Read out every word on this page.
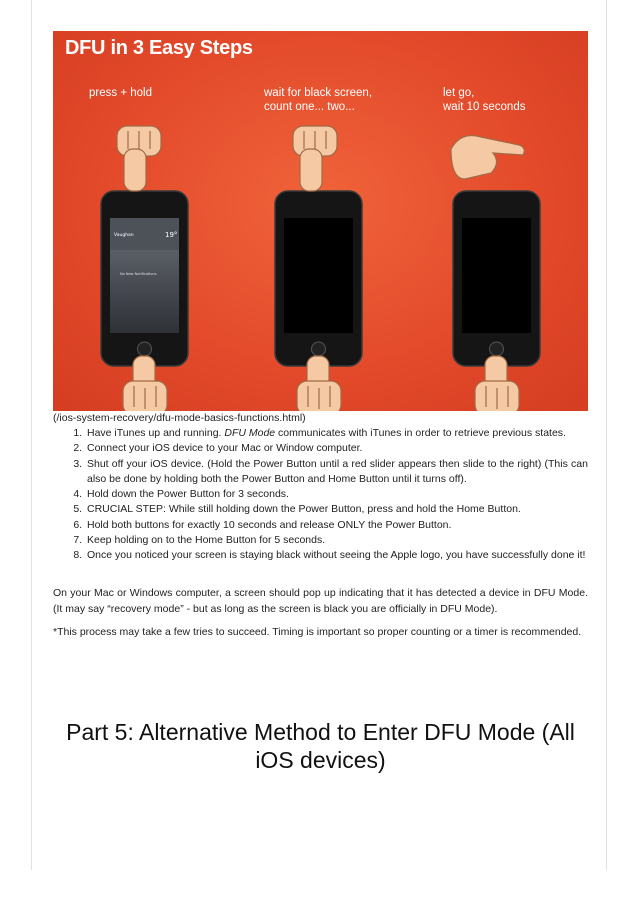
Vaughan	19°
No New Notifications
DFU in 3 Easy Steps
press + hold	wait for black screen,
count one... two...
let go,
wait 10 seconds
(/ios-system-recovery/dfu-mode-basics-functions.html)
1. Have iTunes up and running. DFU Mode communicates with iTunes in order to retrieve previous states.
2. Connect your iOS device to your Mac or Window computer.
3. Shut off your iOS device. (Hold the Power Button until a red slider appears then slide to the right) (This can also be done by holding both the Power Button and Home Button until it turns off).
4. Hold down the Power Button for 3 seconds.
5. CRUCIAL STEP: While still holding down the Power Button, press and hold the Home Button.
6. Hold both buttons for exactly 10 seconds and release ONLY the Power Button.
7. Keep holding on to the Home Button for 5 seconds.
8. Once you noticed your screen is staying black without seeing the Apple logo, you have successfully done it!

On your Mac or Windows computer, a screen should pop up indicating that it has detected a device in DFU Mode. (It may say “recovery mode” - but as long as the screen is black you are officially in DFU Mode).

*This process may take a few tries to succeed. Timing is important so proper counting or a timer is recommended.

Part 5: Alternative Method to Enter DFU Mode (All iOS devices)
